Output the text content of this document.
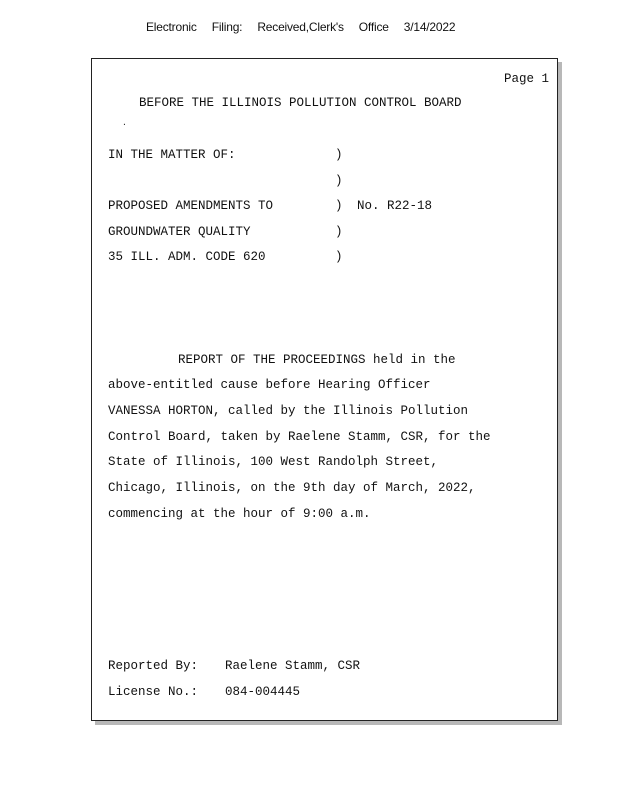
Electronic Filing: Received,Clerk's Office 3/14/2022
Page 1
BEFORE THE ILLINOIS POLLUTION CONTROL BOARD
.
IN THE MATTER OF:	)
)
PROPOSED AMENDMENTS TO	) No. R22-18
GROUNDWATER QUALITY	)
35 ILL. ADM. CODE 620	)
REPORT OF THE PROCEEDINGS held in the
above-entitled cause before Hearing Officer
VANESSA HORTON, called by the Illinois Pollution
Control Board, taken by Raelene Stamm, CSR, for the
State of Illinois, 100 West Randolph Street,
Chicago, Illinois, on the 9th day of March, 2022,
commencing at the hour of 9:00 a.m.
Reported By: Raelene Stamm, CSR
License No.: 084-004445
